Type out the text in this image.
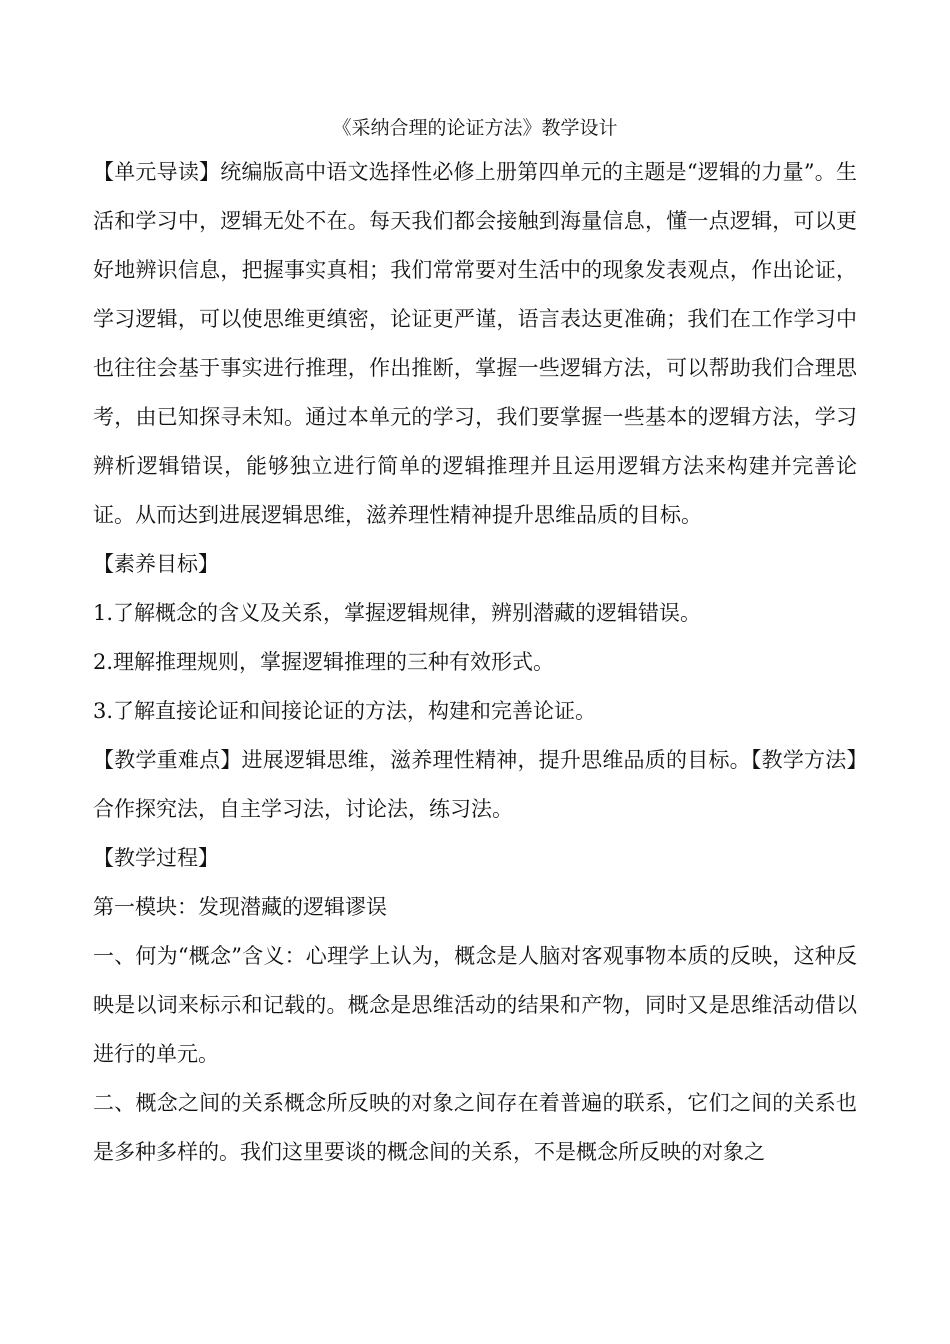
《采纳合理的论证方法》教学设计

【单元导读】统编版高中语文选择性必修上册第四单元的主题是“逻辑的力量”。生活和学习中，逻辑无处不在。每天我们都会接触到海量信息，懂一点逻辑，可以更好地辨识信息，把握事实真相；我们常常要对生活中的现象发表观点，作出论证，学习逻辑，可以使思维更缜密，论证更严谨，语言表达更准确；我们在工作学习中也往往会基于事实进行推理，作出推断，掌握一些逻辑方法，可以帮助我们合理思考，由已知探寻未知。通过本单元的学习，我们要掌握一些基本的逻辑方法，学习辨析逻辑错误，能够独立进行简单的逻辑推理并且运用逻辑方法来构建并完善论证。从而达到进展逻辑思维，滋养理性精神提升思维品质的目标。

【素养目标】

1.了解概念的含义及关系，掌握逻辑规律，辨别潜藏的逻辑错误。

2.理解推理规则，掌握逻辑推理的三种有效形式。

3.了解直接论证和间接论证的方法，构建和完善论证。

【教学重难点】进展逻辑思维，滋养理性精神，提升思维品质的目标。【教学方法】合作探究法，自主学习法，讨论法，练习法。

【教学过程】

第一模块：发现潜藏的逻辑谬误

一、何为“概念”含义：心理学上认为，概念是人脑对客观事物本质的反映，这种反映是以词来标示和记载的。概念是思维活动的结果和产物，同时又是思维活动借以进行的单元。

二、概念之间的关系概念所反映的对象之间存在着普遍的联系，它们之间的关系也是多种多样的。我们这里要谈的概念间的关系，不是概念所反映的对象之
